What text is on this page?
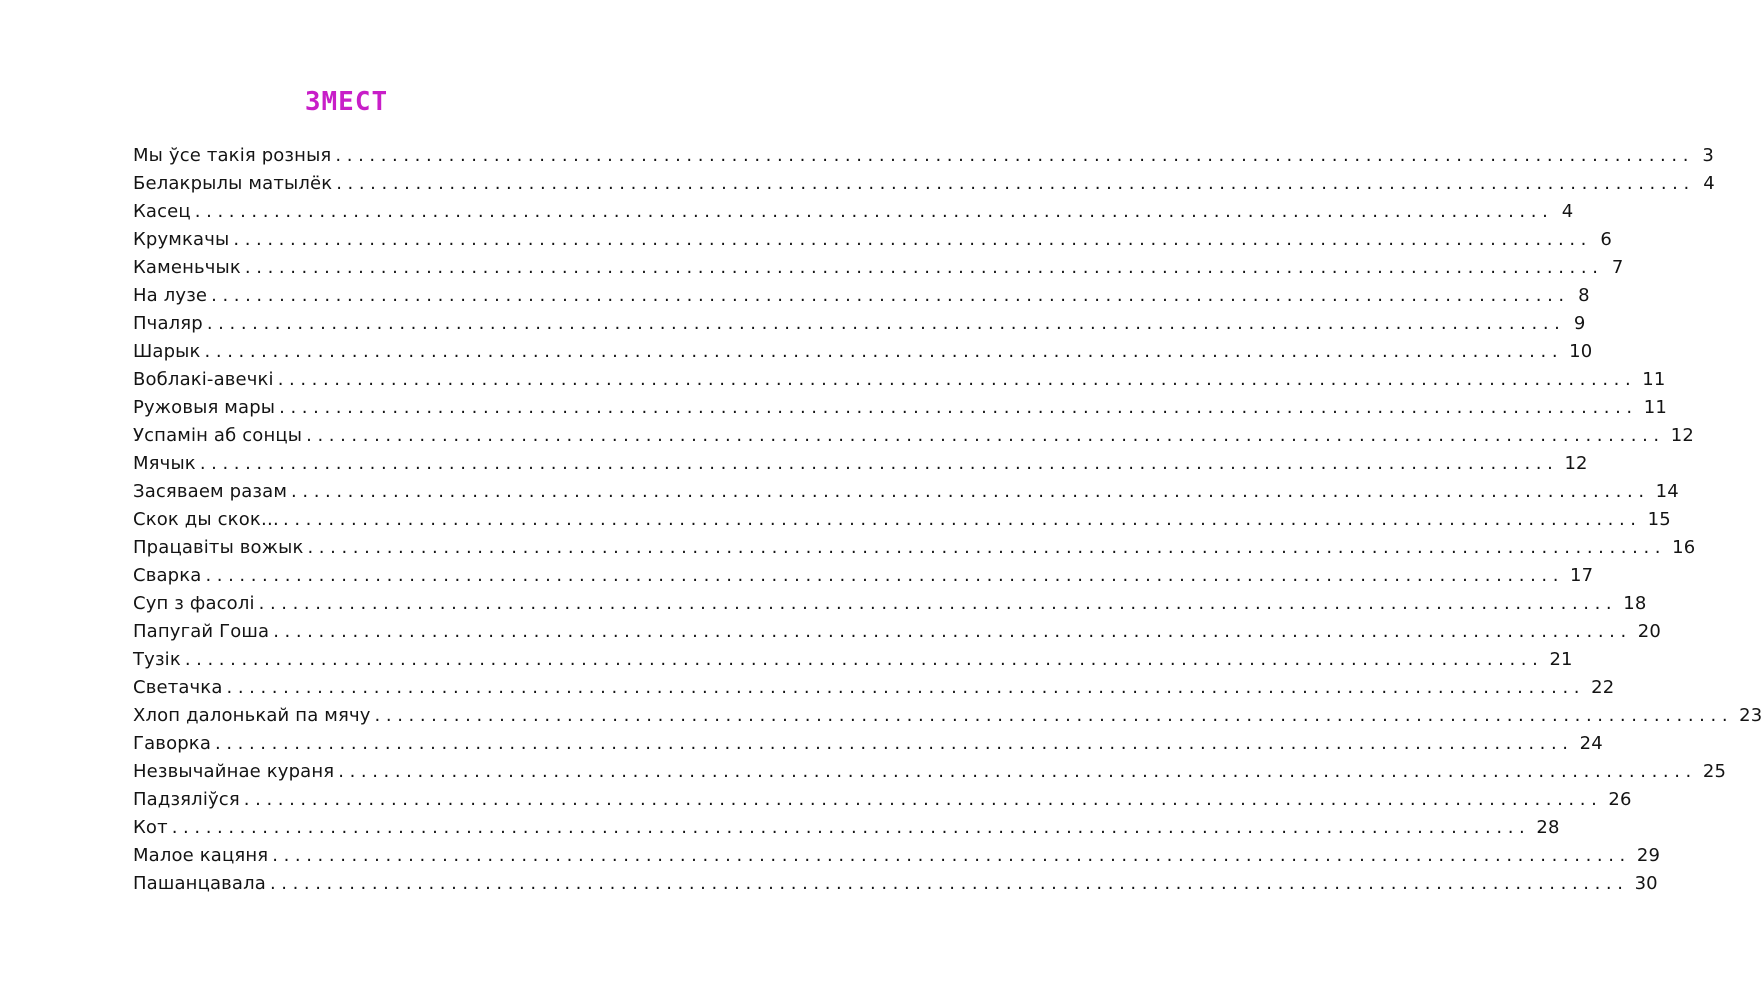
ЗМЕСТ
Мы ўсе такія розныя ........................................................................................................................ 3
Белакрылы матылёк ........................................................................................................................ 4
Касец ........................................................................................................................ 4
Крумкачы ........................................................................................................................ 6
Каменьчык ........................................................................................................................ 7
На лузе ........................................................................................................................ 8
Пчаляр ........................................................................................................................ 9
Шарык ........................................................................................................................ 10
Воблакі-авечкі ........................................................................................................................ 11
Ружовыя мары ........................................................................................................................ 11
Успамін аб сонцы ........................................................................................................................ 12
Мячык ........................................................................................................................ 12
Засяваем разам ........................................................................................................................ 14
Скок ды скок… ........................................................................................................................ 15
Працавіты вожык ........................................................................................................................ 16
Сварка ........................................................................................................................ 17
Суп з фасолі ........................................................................................................................ 18
Папугай Гоша ........................................................................................................................ 20
Тузік ........................................................................................................................ 21
Светачка ........................................................................................................................ 22
Хлоп далонькай па мячу ........................................................................................................................ 23
Гаворка ........................................................................................................................ 24
Незвычайнае кураня ........................................................................................................................ 25
Падзяліўся ........................................................................................................................ 26
Кот ........................................................................................................................ 28
Малое кацяня ........................................................................................................................ 29
Пашанцавала ........................................................................................................................ 30
